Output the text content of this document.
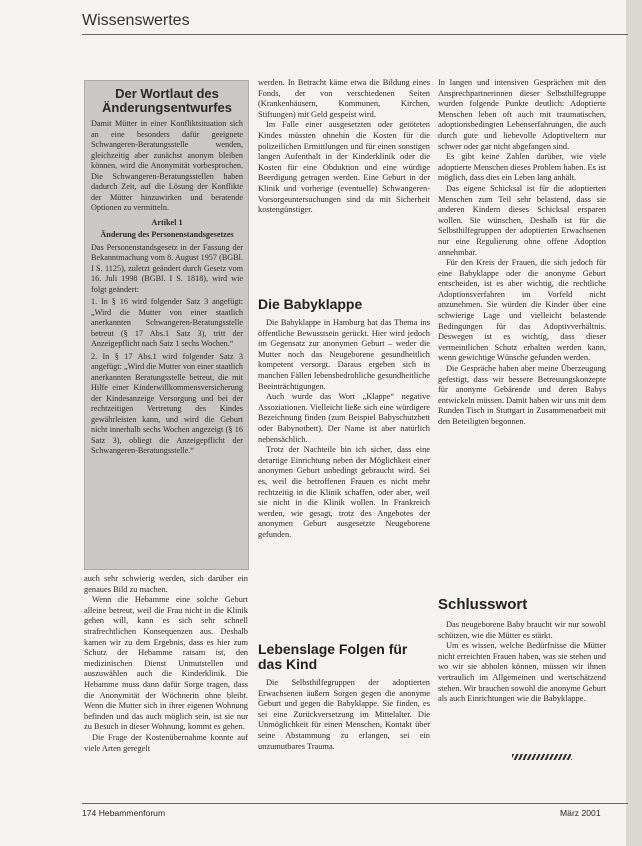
Wissenswertes
Der Wortlaut des Änderungsentwurfes

Damit Mütter in einer Konfliktsituation sich an eine besonders dafür geeignete Schwangeren-Beratungsstelle wenden, gleichzeitig aber zunächst anonym bleiben können, wird die Anonymität vorbesprochen. Die Schwangeren-Beratungsstellen haben dadurch Zeit, auf die Lösung der Konflikte der Mütter hinzuwirken und beratende Optionen zu vermitteln.

Artikel 1
Änderung des Personenstandsgesetzes

Das Personenstandsgesetz in der Fassung der Bekanntmachung vom 8. August 1957 (BGBl. I S. 1125), zuletzt geändert durch Gesetz vom 16. Juli 1998 (BGBl. I S. 1818), wird wie folgt geändert:

1. In § 16 wird folgender Satz 3 angefügt: „Wird die Mutter von einer staatlich anerkannten Schwangeren-Beratungsstelle betreut (§ 17 Abs.1 Satz 3), tritt der Anzeigepflicht nach Satz 1 sechs Wochen.“
2. In § 17 Abs.1 wird folgender Satz 3 angefügt: „Wird die Mutter von einer staatlich anerkannten Beratungsstelle betreut, die mit Hilfe einer Kinderwillkommensversicherung der Kindesanzeige Versorgung und bei der rechtzeitigen Vertretung des Kindes gewährleisten kann, und wird die Geburt nicht innerhalb sechs Wochen angezeigt (§ 16 Satz 3), obliegt die Anzeigepflicht der Schwangeren-Beratungsstelle.“

auch sehr schwierig werden, sich darüber ein genaues Bild zu machen.

Wenn die Hebamme eine solche Geburt alleine betreut, weil die Frau nicht in die Klinik gehen will, kann es sich sehr schnell strafrechtlichen Konsequenzen aus. Deshalb kamen wir zu dem Ergebnis, dass es hier zum Schutz der Hebamme ratsam ist, den medizinischen Dienst Unmutstellen und auszuwählen auch die Kinderklinik. Die Hebamme muss dann dafür Sorge tragen, dass die Anonymität der Wöchnerin ohne bleibt. Wenn die Mutter sich in ihrer eigenen Wohnung befinden und das auch möglich sein, ist sie nur zu Besuch in dieser Wohnung, kommt es gehen.

Die Frage der Kostenübernahme konnte auf viele Arten geregelt

werden. In Betracht käme etwa die Bildung eines Fonds, der von verschiedenen Seiten (Krankenhäusern, Kommunen, Kirchen, Stiftungen) mit Geld gespeist wird.

Im Falle einer ausgesetzten oder getöteten Kindes müssten ohnehin die Kosten für die polizeilichen Ermittlungen und für einen sonstigen langen Aufenthalt in der Kinderklinik oder die Kosten für eine Obduktion und eine würdige Beerdigung getragen werden. Eine Geburt in der Klinik und vorherige (eventuelle) Schwangeren-Vorsorgeuntersuchungen sind da mit Sicherheit kostengünstiger.

Die Babyklappe

Die Babyklappe in Hamburg hat das Thema ins öffentliche Bewusstsein gerückt. Hier wird jedoch im Gegensatz zur anonymen Geburt – weder die Mutter noch das Neugeborene gesundheitlich kompetent versorgt. Daraus ergeben sich in manchen Fällen lebensbedrohliche gesundheitliche Beeinträchtigungen.

Auch wurde das Wort „Klappe“ negative Assoziationen. Vielleicht ließe sich eine würdigere Bezeichnung finden (zum Beispiel Babyschutzbett oder Babynotbett). Der Name ist aber natürlich nebensächlich.

Trotz der Nachteile bin ich sicher, dass eine derartige Einrichtung neben der Möglichkeit einer anonymen Geburt unbedingt gebraucht wird. Sei es, weil die betroffenen Frauen es nicht mehr rechtzeitig in die Klinik schaffen, oder aber, weil sie nicht in die Klinik wollen. In Frankreich werden, wie gesagt, trotz des Angebotes der anonymen Geburt ausgesetzte Neugeborene gefunden.

Lebenslage Folgen für das Kind

Die Selbsthilfegruppen der adoptierten Erwachsenen äußern Sorgen gegen die anonyme Geburt und gegen die Babyklappe. Sie finden, es sei eine Zurückversetzung im Mittelalter. Die Unmöglichkeit für einen Menschen, Kontakt über seine Abstammung zu erlangen, sei ein unzumutbares Trauma.

In langen und intensiven Gesprächen mit den Ansprechpartnerinnen dieser Selbsthilfegruppe wurden folgende Punkte deutlich: Adoptierte Menschen leben oft auch mit traumatischen, adoptionsbedingten Lebenserfahrungen, die auch durch gute und liebevolle Adoptiveltern nur schwer oder gar nicht abgefangen sind.

Es gibt keine Zahlen darüber, wie viele adoptierte Menschen dieses Problem haben. Es ist möglich, dass dies ein Leben lang anhält.

Das eigene Schicksal ist für die adoptierten Menschen zum Teil sehr belastend, dass sie anderen Kindern dieses Schicksal ersparen wollen. Sie wünschen, Deshalb ist für die Selbsthilfegruppen der adoptierten Erwachsenen nur eine Regulierung ohne offene Adoption annehmbar.

Für den Kreis der Frauen, die sich jedoch für eine Babyklappe oder die anonyme Geburt entscheiden, ist es aber wichtig, die rechtliche Adoptionsverfahren im Vorfeld nicht anzunehmen. Sie würden die Kinder über eine schwierige Lage und vielleicht belastende Bedingungen für das Adoptivverhältnis. Deswegen ist es wichtig, dass dieser vermeintlichen Schutz erhalten werden kann, wenn gewichtige Wünsche gefunden werden.

Die Gespräche haben aber meine Überzeugung gefestigt, dass wir bessere Betreuungskonzepte für anonyme Gebärende und deren Babys entwickeln müssen. Damit haben wir uns mit dem Runden Tisch in Stuttgart in Zusammenarbeit mit den Beteiligten begonnen.

Schlusswort

Das neugeborene Baby braucht wir nur sowohl schützen, wie die Mütter es stärkt.

Um es wissen, welche Bedürfnisse die Mütter nicht erreichten Frauen haben, was sie stehen und wo wir sie abholen können, müssen wir ihnen vertraulich im Allgemeinen und wertschätzend stehen. Wir brauchen sowohl die anonyme Geburt als auch Einrichtungen wie die Babyklappe.

174 Hebammenforum	März 2001
